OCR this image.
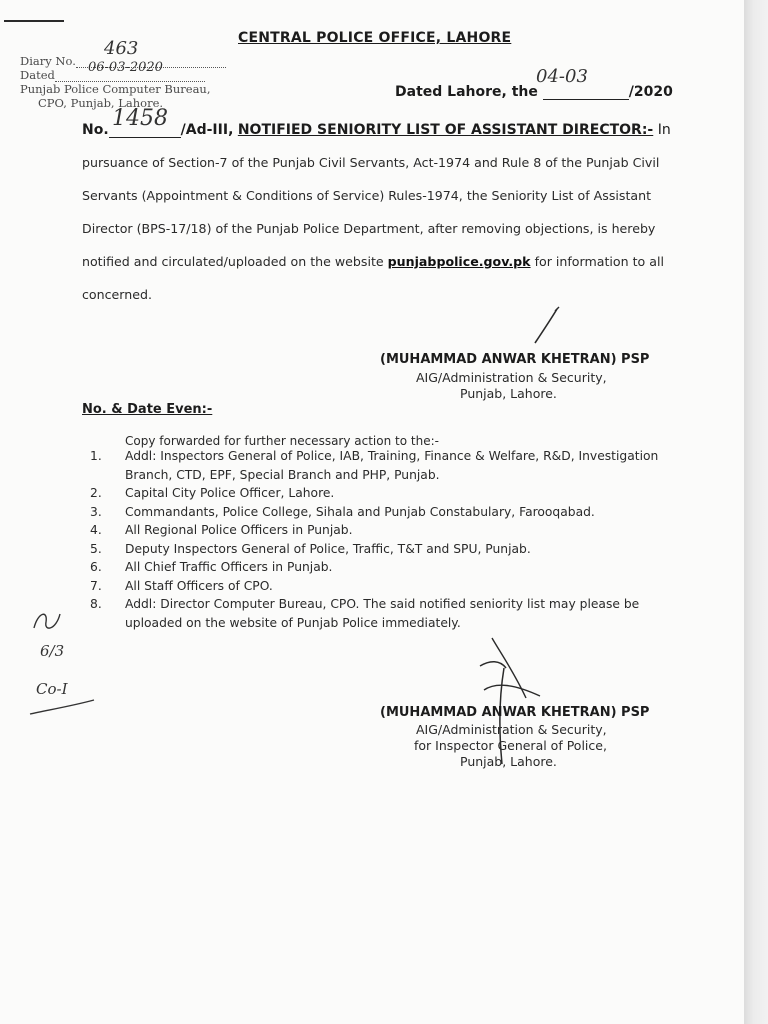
CENTRAL POLICE OFFICE, LAHORE
Diary No.
Dated
Punjab Police Computer Bureau,
CPO, Punjab, Lahore.
463
06-03-2020
Dated Lahore, the	/2020
04-03
No.	/Ad-III, NOTIFIED SENIORITY LIST OF ASSISTANT DIRECTOR:- In
1458
pursuance of Section-7 of the Punjab Civil Servants, Act-1974 and Rule 8 of the Punjab Civil
Servants (Appointment & Conditions of Service) Rules-1974, the Seniority List of Assistant
Director (BPS-17/18) of the Punjab Police Department, after removing objections, is hereby
notified and circulated/uploaded on the website punjabpolice.gov.pk for information to all
concerned.
(MUHAMMAD ANWAR KHETRAN) PSP
AIG/Administration & Security,
Punjab, Lahore.
No. & Date Even:-
Copy forwarded for further necessary action to the:-
1. Addl: Inspectors General of Police, IAB, Training, Finance & Welfare, R&D, Investigation Branch, CTD, EPF, Special Branch and PHP, Punjab.
2. Capital City Police Officer, Lahore.
3. Commandants, Police College, Sihala and Punjab Constabulary, Farooqabad.
4. All Regional Police Officers in Punjab.
5. Deputy Inspectors General of Police, Traffic, T&T and SPU, Punjab.
6. All Chief Traffic Officers in Punjab.
7. All Staff Officers of CPO.
8. Addl: Director Computer Bureau, CPO. The said notified seniority list may please be uploaded on the website of Punjab Police immediately.
6/3
Co-I
(MUHAMMAD ANWAR KHETRAN) PSP
AIG/Administration & Security,
for Inspector General of Police,
Punjab, Lahore.
